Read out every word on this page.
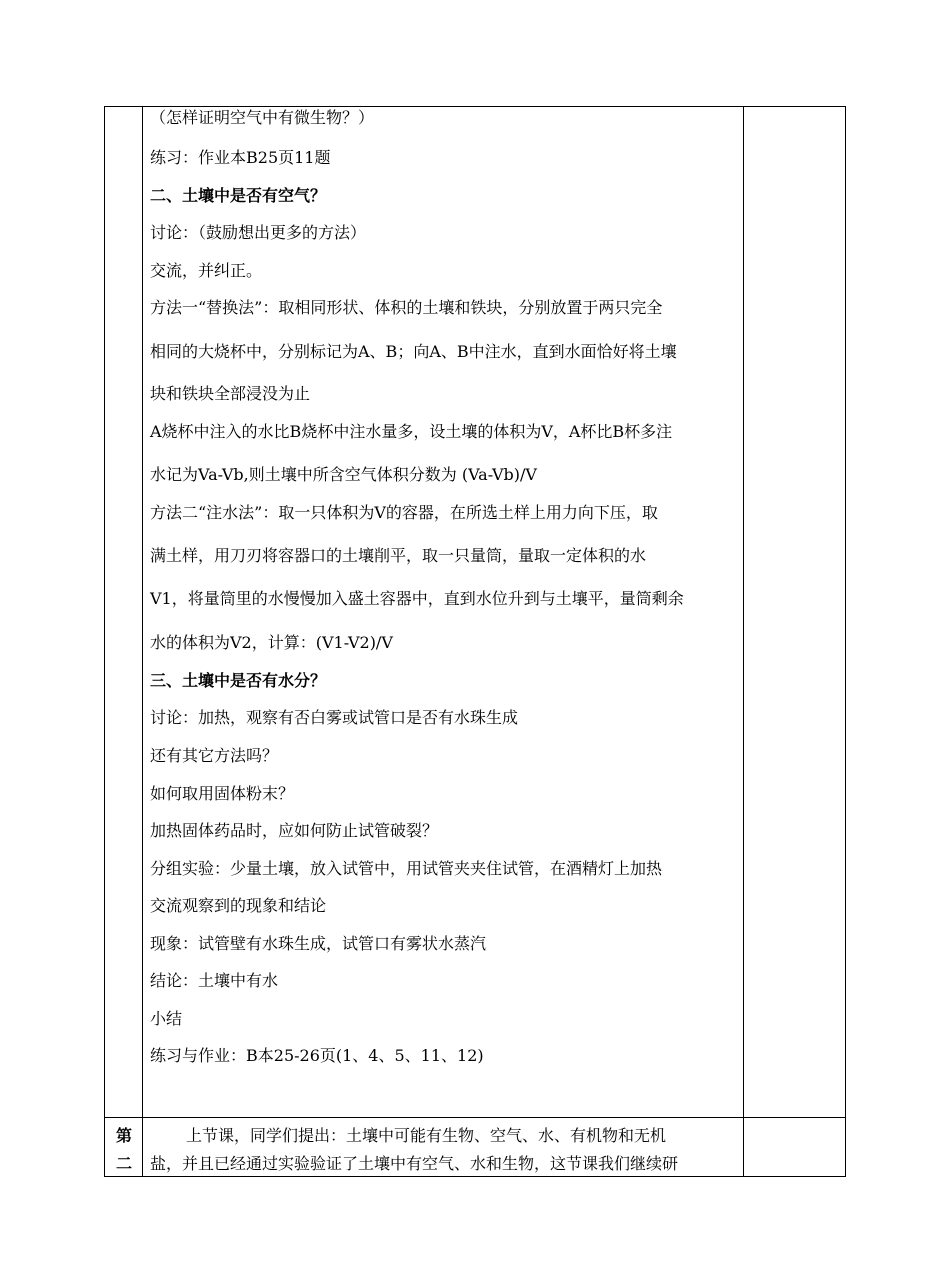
（怎样证明空气中有微生物？）
练习：作业本B25页11题
二、土壤中是否有空气？
讨论：（鼓励想出更多的方法）
交流，并纠正。
方法一“替换法”：取相同形状、体积的土壤和铁块，分别放置于两只完全
相同的大烧杯中，分别标记为A、B；向A、B中注水，直到水面恰好将土壤
块和铁块全部浸没为止
A烧杯中注入的水比B烧杯中注水量多，设土壤的体积为V，A杯比B杯多注
水记为Va-Vb,则土壤中所含空气体积分数为 (Va-Vb)/V
方法二“注水法”：取一只体积为V的容器，在所选土样上用力向下压，取
满土样，用刀刃将容器口的土壤削平，取一只量筒，量取一定体积的水
V1，将量筒里的水慢慢加入盛土容器中，直到水位升到与土壤平，量筒剩余
水的体积为V2，计算：(V1-V2)/V
三、土壤中是否有水分？
讨论：加热，观察有否白雾或试管口是否有水珠生成
还有其它方法吗？
如何取用固体粉末？
加热固体药品时，应如何防止试管破裂？
分组实验：少量土壤，放入试管中，用试管夹夹住试管，在酒精灯上加热
交流观察到的现象和结论
现象：试管壁有水珠生成，试管口有雾状水蒸汽
结论：土壤中有水
小结
练习与作业：B本25-26页(1、4、5、11、12)
第
二
上节课，同学们提出：土壤中可能有生物、空气、水、有机物和无机
盐，并且已经通过实验验证了土壤中有空气、水和生物，这节课我们继续研
